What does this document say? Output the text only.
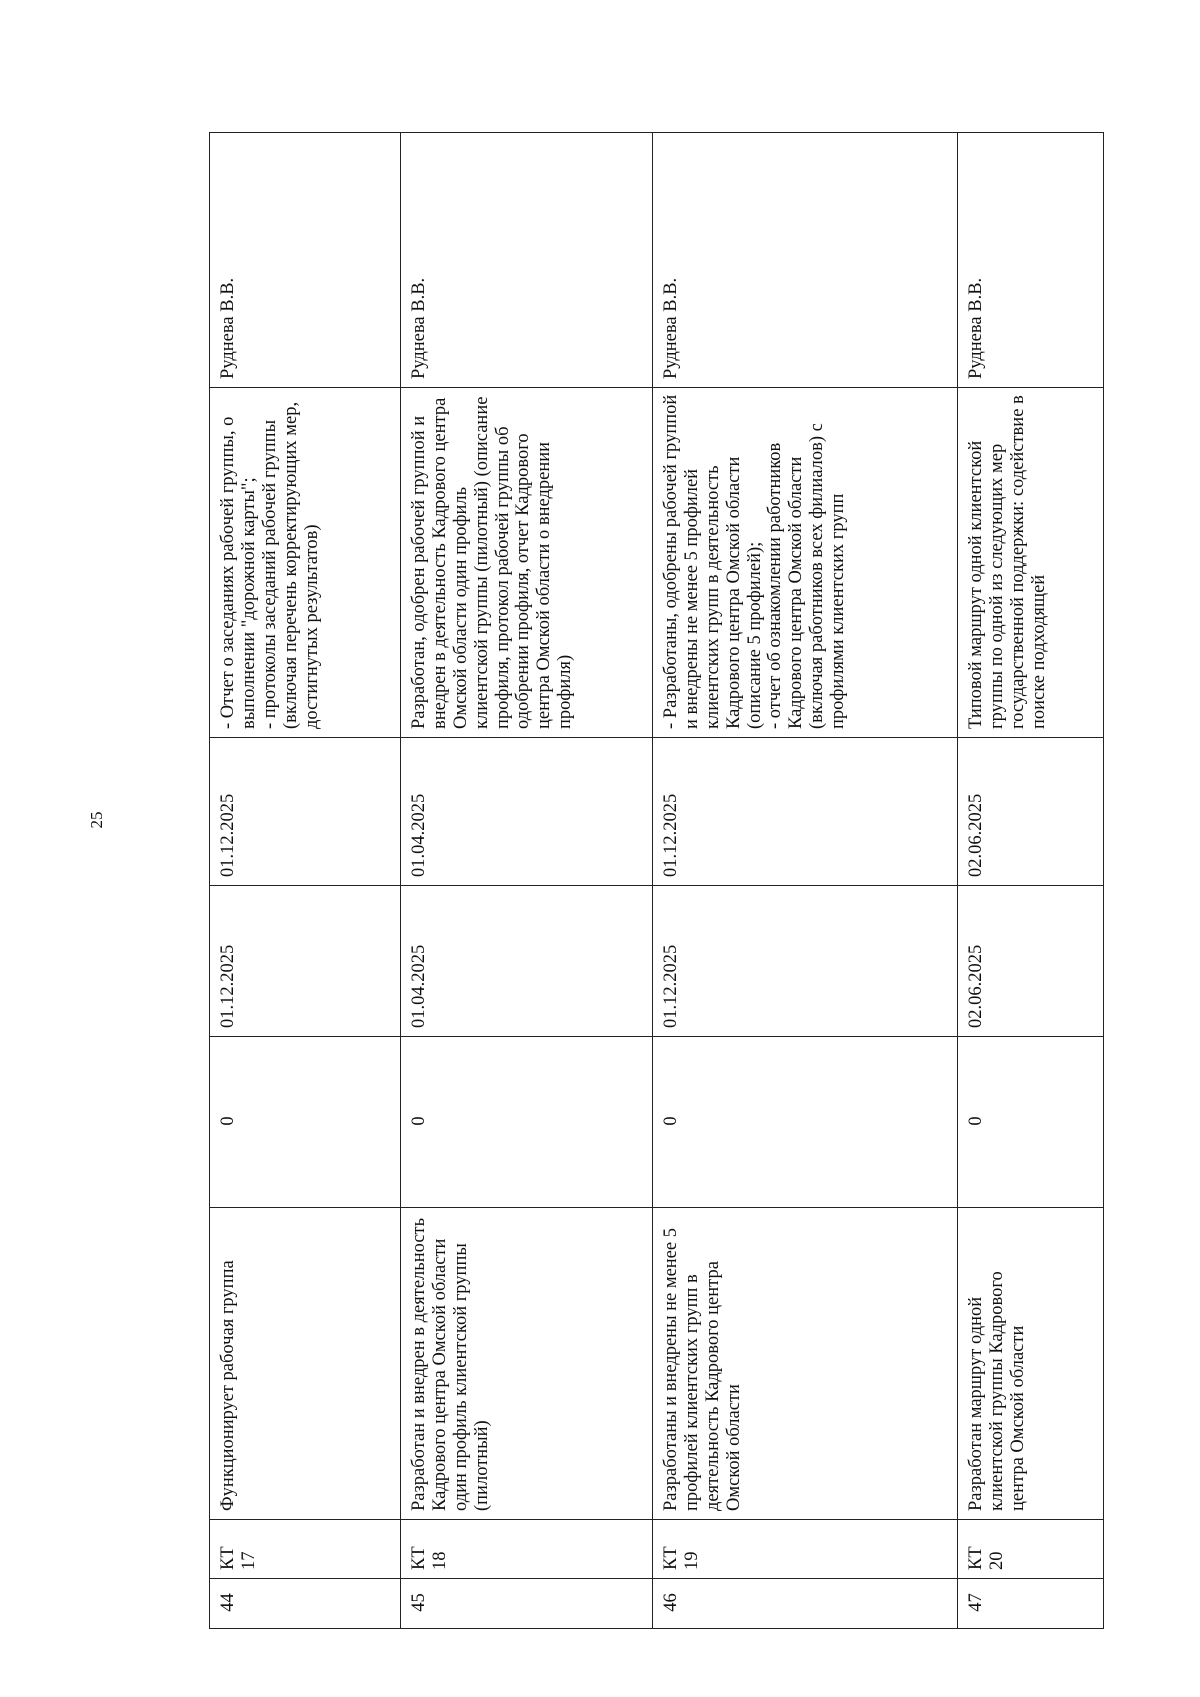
25
44	КТ 17	Функционирует рабочая группа	0	01.12.2025	01.12.2025	- Отчет о заседаниях рабочей группы, о выполнении "дорожной карты";
- протоколы заседаний рабочей группы (включая перечень корректирующих мер, достигнутых результатов)	Руднева В.В.
45	КТ 18	Разработан и внедрен в деятельность Кадрового центра Омской области один профиль клиентской группы (пилотный)	0	01.04.2025	01.04.2025	Разработан, одобрен рабочей группой и внедрен в деятельность Кадрового центра Омской области один профиль клиентской группы (пилотный) (описание профиля, протокол рабочей группы об одобрении профиля, отчет Кадрового центра Омской области о внедрении профиля)	Руднева В.В.
46	КТ 19	Разработаны и внедрены не менее 5 профилей клиентских групп в деятельность Кадрового центра Омской области	0	01.12.2025	01.12.2025	- Разработаны, одобрены рабочей группой и внедрены не менее 5 профилей клиентских групп в деятельность Кадрового центра Омской области (описание 5 профилей);
- отчет об ознакомлении работников Кадрового центра Омской области (включая работников всех филиалов) с профилями клиентских групп	Руднева В.В.
47	КТ 20	Разработан маршрут одной клиентской группы Кадрового центра Омской области	0	02.06.2025	02.06.2025	Типовой маршрут одной клиентской группы по одной из следующих мер государственной поддержки: содействие в поиске подходящей	Руднева В.В.
